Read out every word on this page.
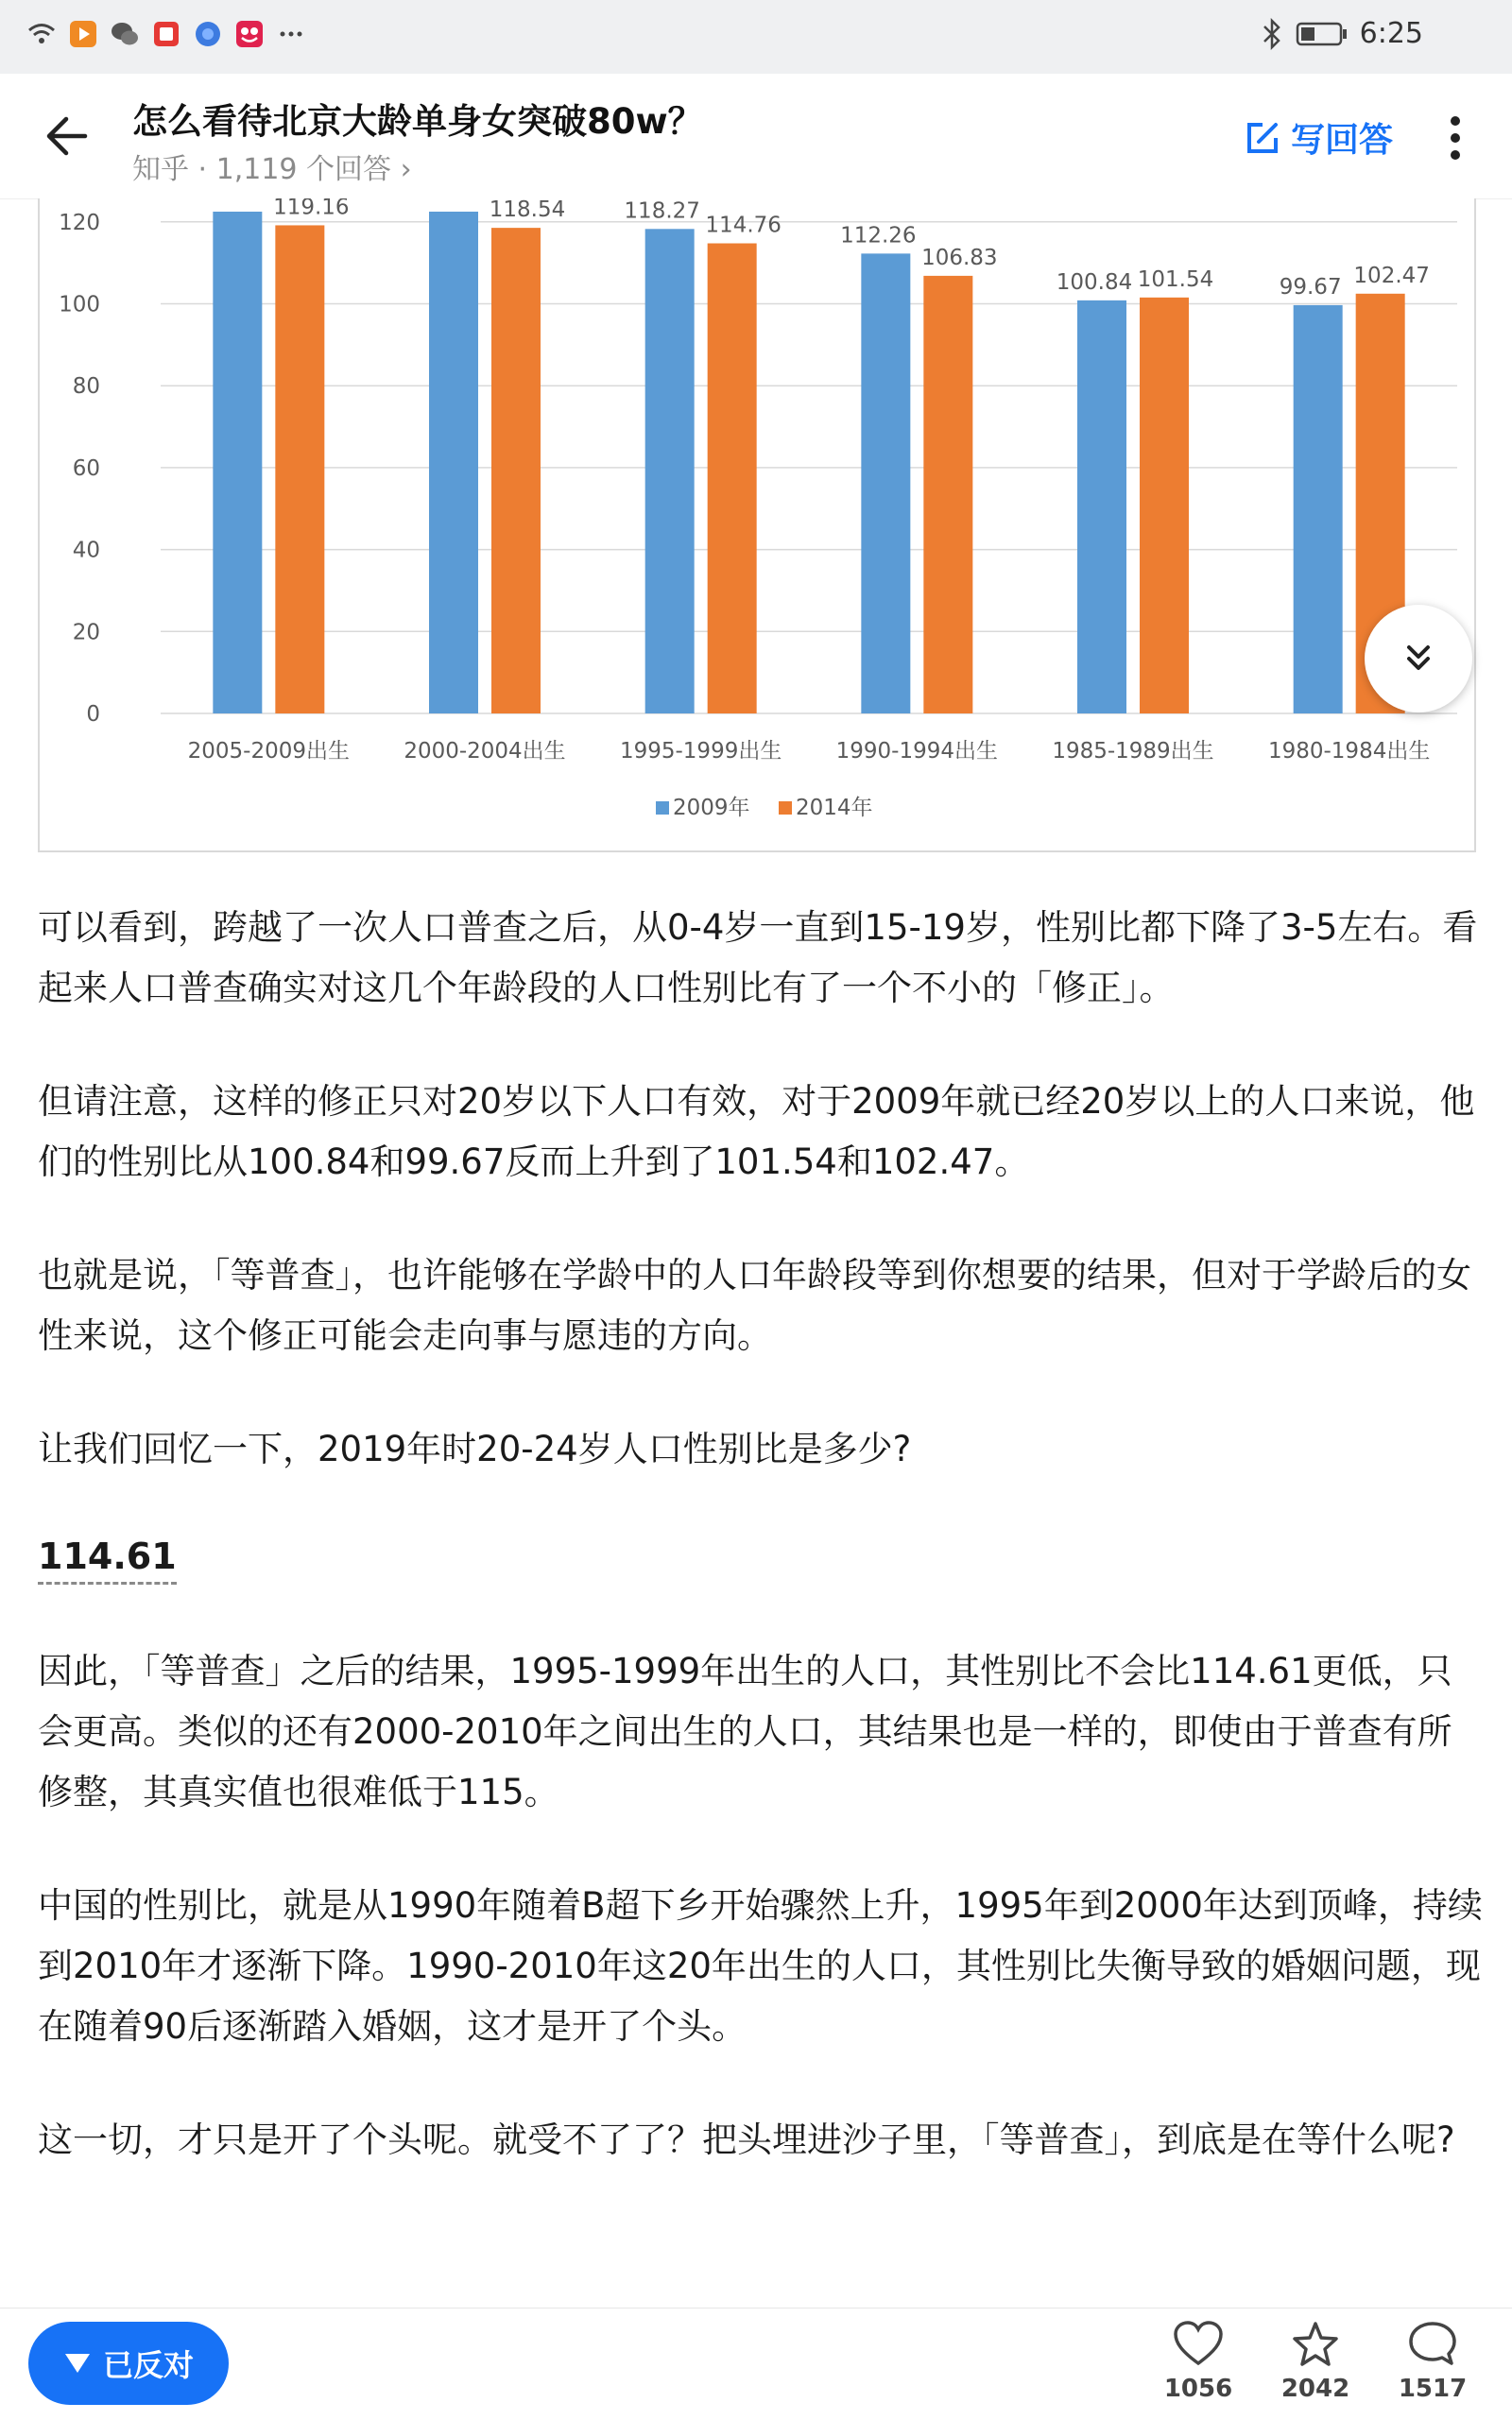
6:25
怎么看待北京大龄单身女突破80w？
知乎 · 1,119 个回答 ›
写回答
0
20
40
60
80
100
120
119.16
2005-2009出生
118.54
2000-2004出生
118.27
114.76
1995-1999出生
112.26
106.83
1990-1994出生
100.84 101.54
1985-1989出生
99.67 102.47
1980-1984出生
2009年 2014年

可以看到，跨越了一次人口普查之后，从0-4岁一直到15-19岁，性别比都下降了3-5左右。看起来人口普查确实对这几个年龄段的人口性别比有了一个不小的「修正」。

但请注意，这样的修正只对20岁以下人口有效，对于2009年就已经20岁以上的人口来说，他们的性别比从100.84和99.67反而上升到了101.54和102.47。

也就是说，「等普查」，也许能够在学龄中的人口年龄段等到你想要的结果，但对于学龄后的女性来说，这个修正可能会走向事与愿违的方向。

让我们回忆一下，2019年时20-24岁人口性别比是多少?

114.61

因此，「等普查」之后的结果，1995-1999年出生的人口，其性别比不会比114.61更低，只会更高。类似的还有2000-2010年之间出生的人口，其结果也是一样的，即使由于普查有所修整，其真实值也很难低于115。

中国的性别比，就是从1990年随着B超下乡开始骤然上升，1995年到2000年达到顶峰，持续到2010年才逐渐下降。1990-2010年这20年出生的人口，其性别比失衡导致的婚姻问题，现在随着90后逐渐踏入婚姻，这才是开了个头。

这一切，才只是开了个头呢。就受不了了？把头埋进沙子里，「等普查」，到底是在等什么呢?

已反对
1056	2042	1517
